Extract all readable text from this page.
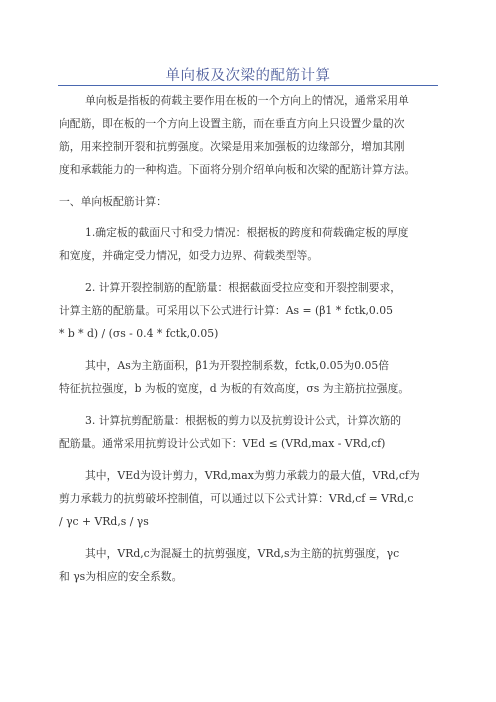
单向板及次梁的配筋计算
单向板是指板的荷载主要作用在板的一个方向上的情况，通常采用单
向配筋，即在板的一个方向上设置主筋，而在垂直方向上只设置少量的次
筋，用来控制开裂和抗剪强度。次梁是用来加强板的边缘部分，增加其刚
度和承载能力的一种构造。下面将分别介绍单向板和次梁的配筋计算方法。
一、单向板配筋计算：
1.确定板的截面尺寸和受力情况：根据板的跨度和荷载确定板的厚度
和宽度，并确定受力情况，如受力边界、荷载类型等。
2. 计算开裂控制筋的配筋量：根据截面受拉应变和开裂控制要求，
计算主筋的配筋量。可采用以下公式进行计算：As = (β1 * fctk,0.05
* b * d) / (σs - 0.4 * fctk,0.05)
其中，As为主筋面积，β1为开裂控制系数，fctk,0.05为0.05倍
特征抗拉强度，b 为板的宽度，d 为板的有效高度，σs 为主筋抗拉强度。
3. 计算抗剪配筋量：根据板的剪力以及抗剪设计公式，计算次筋的
配筋量。通常采用抗剪设计公式如下：VEd ≤ (VRd,max - VRd,cf)
其中，VEd为设计剪力，VRd,max为剪力承载力的最大值，VRd,cf为
剪力承载力的抗剪破坏控制值，可以通过以下公式计算：VRd,cf = VRd,c
/ γc + VRd,s / γs
其中，VRd,c为混凝土的抗剪强度，VRd,s为主筋的抗剪强度，γc
和 γs为相应的安全系数。
